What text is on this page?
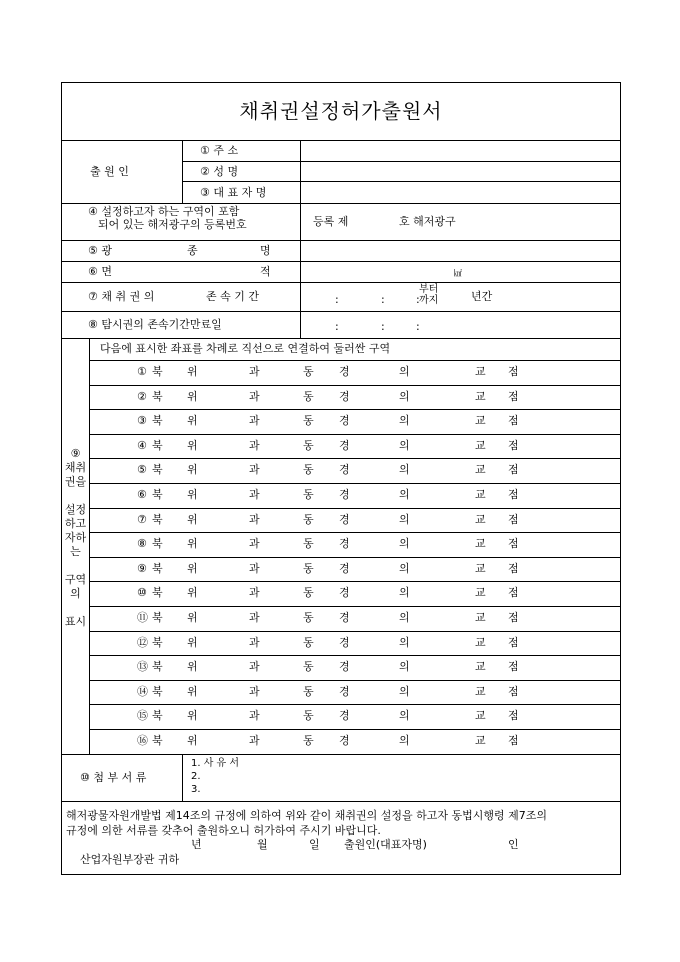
채취권설정허가출원서
출 원 인
① 주 소
② 성 명
③ 대 표 자 명
④ 설정하고자 하는 구역이 포함
되어 있는 해저광구의 등록번호	등록 제	호 해저광구
⑤ 광	종	명
⑥ 면	적	㎢
⑦ 채 취 권 의	존 속 기 간	:	:	:
부터
까지	년간
⑧ 탐시권의 존속기간만료일	:	:	:
⑨
채취
권을
설정
하고
자하
는
구역
의
표시
다음에 표시한 좌표를 차례로 직선으로 연결하여 둘러싼 구역
① 북 위	과	동 경	의	교 점
② 북 위	과	동 경	의	교 점
③ 북 위	과	동 경	의	교 점
④ 북 위	과	동 경	의	교 점
⑤ 북 위	과	동 경	의	교 점
⑥ 북 위	과	동 경	의	교 점
⑦ 북 위	과	동 경	의	교 점
⑧ 북 위	과	동 경	의	교 점
⑨ 북 위	과	동 경	의	교 점
⑩ 북 위	과	동 경	의	교 점
⑪ 북 위	과	동 경	의	교 점
⑫ 북 위	과	동 경	의	교 점
⑬ 북 위	과	동 경	의	교 점
⑭ 북 위	과	동 경	의	교 점
⑮ 북 위	과	동 경	의	교 점
⑯ 북 위	과	동 경	의	교 점
⑩ 첨 부 서 류
1. 사 유 서
2.
3.
해저광물자원개발법 제14조의 규정에 의하여 위와 같이 채취권의 설정을 하고자 동법시행령 제7조의
규정에 의한 서류를 갖추어 출원하오니 허가하여 주시기 바랍니다.
년	월	일 출원인(대표자명)	인
산업자원부장관 귀하
